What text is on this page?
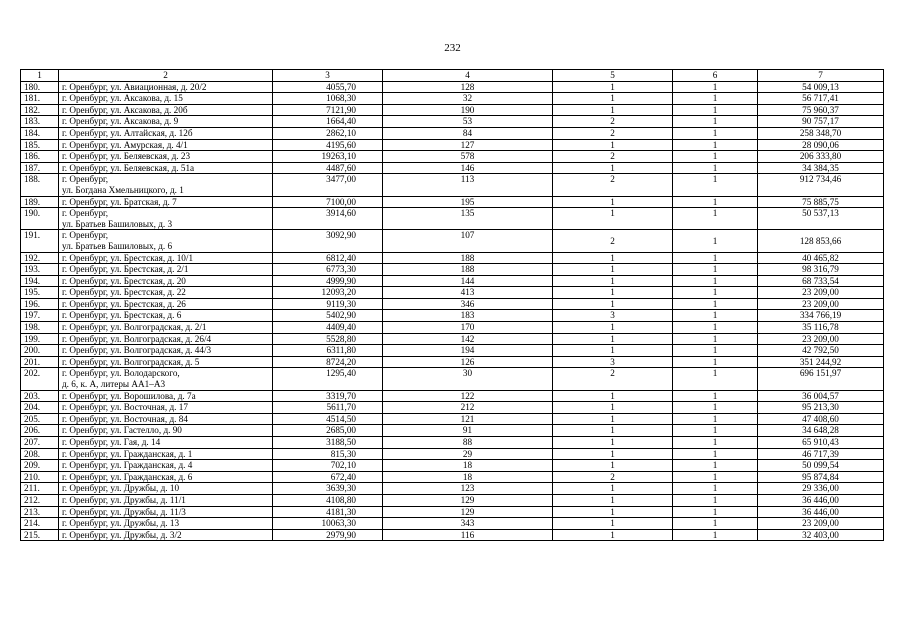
232
1	2	3	4	5	6	7
180.	г. Оренбург, ул. Авиационная, д. 20/2	4055,70	128	1	1	54 009,13
181.	г. Оренбург, ул. Аксакова, д. 15	1068,30	32	1	1	56 717,41
182.	г. Оренбург, ул. Аксакова, д. 20б	7121,90	190	1	1	75 960,37
183.	г. Оренбург, ул. Аксакова, д. 9	1664,40	53	2	1	90 757,17
184.	г. Оренбург, ул. Алтайская, д. 12б	2862,10	84	2	1	258 348,70
185.	г. Оренбург, ул. Амурская, д. 4/1	4195,60	127	1	1	28 090,06
186.	г. Оренбург, ул. Беляевская, д. 23	19263,10	578	2	1	206 333,80
187.	г. Оренбург, ул. Беляевская, д. 51а	4487,60	146	1	1	34 384,35
188.	г. Оренбург,
ул. Богдана Хмельницкого, д. 1	3477,00	113	2	1	912 734,46
189.	г. Оренбург, ул. Братская, д. 7	7100,00	195	1	1	75 885,75
190.	г. Оренбург,
ул. Братьев Башиловых, д. 3	3914,60	135	1	1	50 537,13
191.	г. Оренбург,
ул. Братьев Башиловых, д. 6	3092,90	107	2	1	128 853,66
192.	г. Оренбург, ул. Брестская, д. 10/1	6812,40	188	1	1	40 465,82
193.	г. Оренбург, ул. Брестская, д. 2/1	6773,30	188	1	1	98 316,79
194.	г. Оренбург, ул. Брестская, д. 20	4999,90	144	1	1	68 733,54
195.	г. Оренбург, ул. Брестская, д. 22	12093,20	413	1	1	23 209,00
196.	г. Оренбург, ул. Брестская, д. 26	9119,30	346	1	1	23 209,00
197.	г. Оренбург, ул. Брестская, д. 6	5402,90	183	3	1	334 766,19
198.	г. Оренбург, ул. Волгоградская, д. 2/1	4409,40	170	1	1	35 116,78
199.	г. Оренбург, ул. Волгоградская, д. 26/4	5528,80	142	1	1	23 209,00
200.	г. Оренбург, ул. Волгоградская, д. 44/3	6311,80	194	1	1	42 792,50
201.	г. Оренбург, ул. Волгоградская, д. 5	8724,20	126	3	1	351 244,92
202.	г. Оренбург, ул. Володарского,
д. 6, к. А, литеры АА1–А3	1295,40	30	2	1	696 151,97
203.	г. Оренбург, ул. Ворошилова, д. 7а	3319,70	122	1	1	36 004,57
204.	г. Оренбург, ул. Восточная, д. 17	5611,70	212	1	1	95 213,30
205.	г. Оренбург, ул. Восточная, д. 84	4514,50	121	1	1	47 408,60
206.	г. Оренбург, ул. Гастелло, д. 90	2685,00	91	1	1	34 648,28
207.	г. Оренбург, ул. Гая, д. 14	3188,50	88	1	1	65 910,43
208.	г. Оренбург, ул. Гражданская, д. 1	815,30	29	1	1	46 717,39
209.	г. Оренбург, ул. Гражданская, д. 4	702,10	18	1	1	50 099,54
210.	г. Оренбург, ул. Гражданская, д. 6	672,40	18	2	1	95 874,84
211.	г. Оренбург, ул. Дружбы, д. 10	3639,30	123	1	1	29 336,00
212.	г. Оренбург, ул. Дружбы, д. 11/1	4108,80	129	1	1	36 446,00
213.	г. Оренбург, ул. Дружбы, д. 11/3	4181,30	129	1	1	36 446,00
214.	г. Оренбург, ул. Дружбы, д. 13	10063,30	343	1	1	23 209,00
215.	г. Оренбург, ул. Дружбы, д. 3/2	2979,90	116	1	1	32 403,00
